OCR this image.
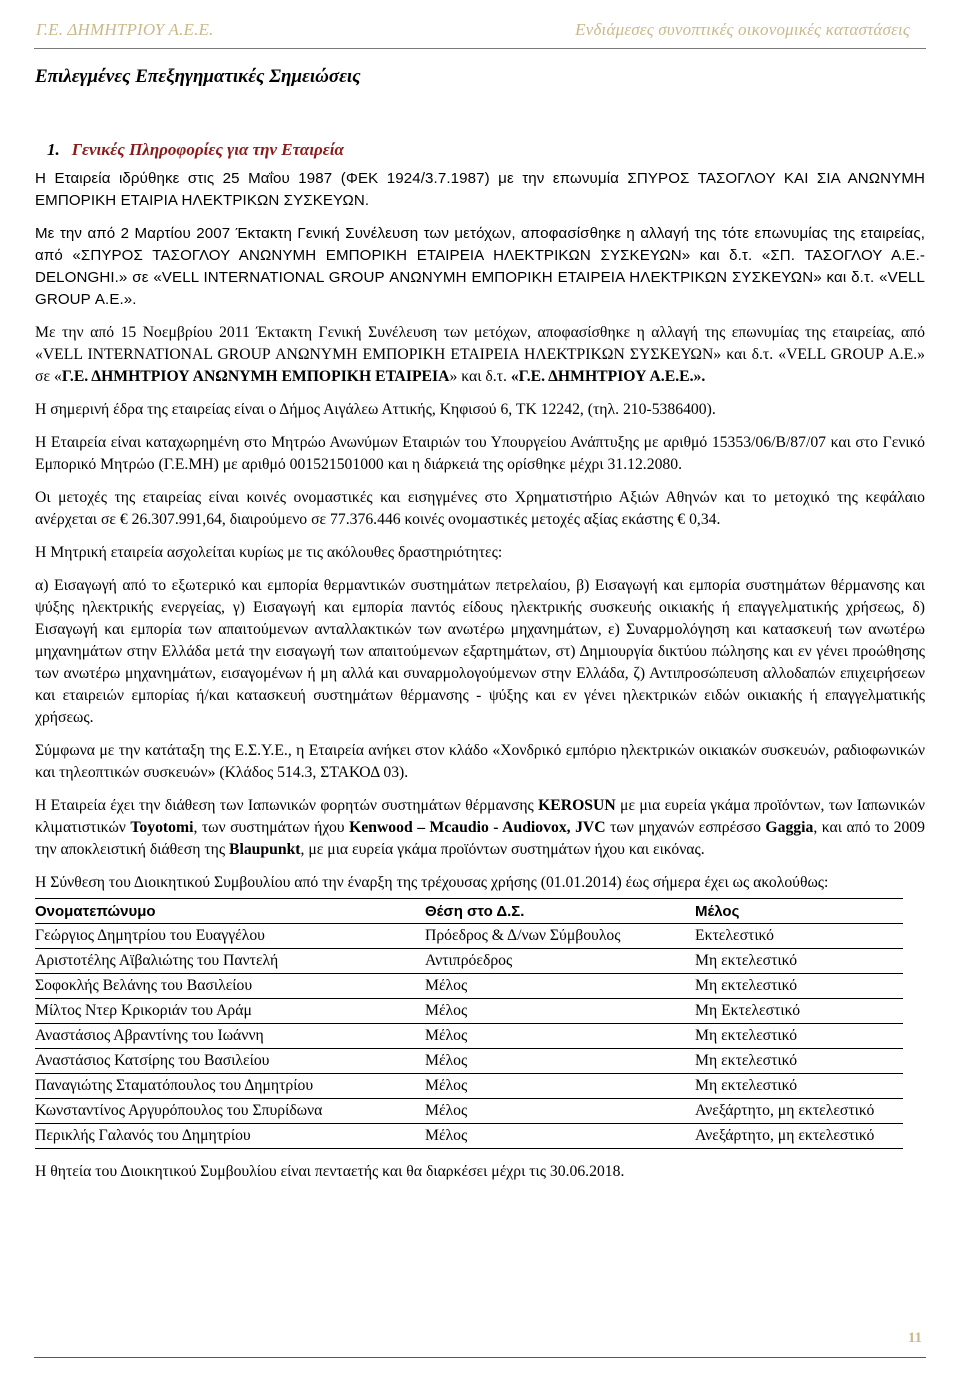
Γ.Ε. ΔΗΜΗΤΡΙΟΥ Α.Ε.Ε.	Ενδιάμεσες συνοπτικές οικονομικές καταστάσεις
Επιλεγμένες Επεξηγηματικές Σημειώσεις
1. Γενικές Πληροφορίες για την Εταιρεία

Η Εταιρεία ιδρύθηκε στις 25 Μαΐου 1987 (ΦΕΚ 1924/3.7.1987) με την επωνυμία ΣΠΥΡΟΣ ΤΑΣΟΓΛΟΥ ΚΑΙ ΣΙΑ ΑΝΩΝΥΜΗ ΕΜΠΟΡΙΚΗ ΕΤΑΙΡΙΑ ΗΛΕΚΤΡΙΚΩΝ ΣΥΣΚΕΥΩΝ.

Με την από 2 Μαρτίου 2007 Έκτακτη Γενική Συνέλευση των μετόχων, αποφασίσθηκε η αλλαγή της τότε επωνυμίας της εταιρείας, από «ΣΠΥΡΟΣ ΤΑΣΟΓΛΟΥ ΑΝΩΝΥΜΗ ΕΜΠΟΡΙΚΗ ΕΤΑΙΡΕΙΑ ΗΛΕΚΤΡΙΚΩΝ ΣΥΣΚΕΥΩΝ» και δ.τ. «ΣΠ. ΤΑΣΟΓΛΟΥ Α.Ε.- DELONGHI.» σε «VELL INTERNATIONAL GROUP ΑΝΩΝΥΜΗ ΕΜΠΟΡΙΚΗ ΕΤΑΙΡΕΙΑ ΗΛΕΚΤΡΙΚΩΝ ΣΥΣΚΕΥΩΝ» και δ.τ. «VELL GROUP Α.Ε.».

Με την από 15 Νοεμβρίου 2011 Έκτακτη Γενική Συνέλευση των μετόχων, αποφασίσθηκε η αλλαγή της επωνυμίας της εταιρείας, από «VELL INTERNATIONAL GROUP ΑΝΩΝΥΜΗ ΕΜΠΟΡΙΚΗ ΕΤΑΙΡΕΙΑ ΗΛΕΚΤΡΙΚΩΝ ΣΥΣΚΕΥΩΝ» και δ.τ. «VELL GROUP Α.Ε.» σε «Γ.Ε. ΔΗΜΗΤΡΙΟΥ ΑΝΩΝΥΜΗ ΕΜΠΟΡΙΚΗ ΕΤΑΙΡΕΙΑ» και δ.τ. «Γ.Ε. ΔΗΜΗΤΡΙΟΥ Α.Ε.Ε.».

Η σημερινή έδρα της εταιρείας είναι ο Δήμος Αιγάλεω Αττικής, Κηφισού 6, ΤΚ 12242, (τηλ. 210-5386400).

Η Εταιρεία είναι καταχωρημένη στο Μητρώο Ανωνύμων Εταιριών του Υπουργείου Ανάπτυξης με αριθμό 15353/06/Β/87/07 και στο Γενικό Εμπορικό Μητρώο (Γ.Ε.ΜΗ) με αριθμό 001521501000 και η διάρκειά της ορίσθηκε μέχρι 31.12.2080.

Οι μετοχές της εταιρείας είναι κοινές ονομαστικές και εισηγμένες στο Χρηματιστήριο Αξιών Αθηνών και το μετοχικό της κεφάλαιο ανέρχεται σε € 26.307.991,64, διαιρούμενο σε 77.376.446 κοινές ονομαστικές μετοχές αξίας εκάστης € 0,34.

Η Μητρική εταιρεία ασχολείται κυρίως με τις ακόλουθες δραστηριότητες:

α) Εισαγωγή από το εξωτερικό και εμπορία θερμαντικών συστημάτων πετρελαίου, β) Εισαγωγή και εμπορία συστημάτων θέρμανσης και ψύξης ηλεκτρικής ενεργείας, γ) Εισαγωγή και εμπορία παντός είδους ηλεκτρικής συσκευής οικιακής ή επαγγελματικής χρήσεως, δ) Εισαγωγή και εμπορία των απαιτούμενων ανταλλακτικών των ανωτέρω μηχανημάτων, ε) Συναρμολόγηση και κατασκευή των ανωτέρω μηχανημάτων στην Ελλάδα μετά την εισαγωγή των απαιτούμενων εξαρτημάτων, στ) Δημιουργία δικτύου πώλησης και εν γένει προώθησης των ανωτέρω μηχανημάτων, εισαγομένων ή μη αλλά και συναρμολογούμενων στην Ελλάδα, ζ) Αντιπροσώπευση αλλοδαπών επιχειρήσεων και εταιρειών εμπορίας ή/και κατασκευή συστημάτων θέρμανσης - ψύξης και εν γένει ηλεκτρικών ειδών οικιακής ή επαγγελματικής χρήσεως.

Σύμφωνα με την κατάταξη της Ε.Σ.Υ.Ε., η Εταιρεία ανήκει στον κλάδο «Χονδρικό εμπόριο ηλεκτρικών οικιακών συσκευών, ραδιοφωνικών και τηλεοπτικών συσκευών» (Κλάδος 514.3, ΣΤΑΚΟΔ 03).

Η Εταιρεία έχει την διάθεση των Ιαπωνικών φορητών συστημάτων θέρμανσης KEROSUN με μια ευρεία γκάμα προϊόντων, των Ιαπωνικών κλιματιστικών Toyotomi, των συστημάτων ήχου Kenwood – Mcaudio - Audiovox, JVC των μηχανών εσπρέσσο Gaggia, και από το 2009 την αποκλειστική διάθεση της Blaupunkt, με μια ευρεία γκάμα προϊόντων συστημάτων ήχου και εικόνας.

Η Σύνθεση του Διοικητικού Συμβουλίου από την έναρξη της τρέχουσας χρήσης (01.01.2014) έως σήμερα έχει ως ακολούθως:

Ονοματεπώνυμο	Θέση στο Δ.Σ.	Μέλος
Γεώργιος Δημητρίου του Ευαγγέλου	Πρόεδρος & Δ/νων Σύμβουλος	Εκτελεστικό
Αριστοτέλης Αϊβαλιώτης του Παντελή	Αντιπρόεδρος	Μη εκτελεστικό
Σοφοκλής Βελάνης του Βασιλείου	Μέλος	Μη εκτελεστικό
Μίλτος Ντερ Κρικοριάν του Αράμ	Μέλος	Μη Εκτελεστικό
Αναστάσιος Αβραντίνης του Ιωάννη	Μέλος	Μη εκτελεστικό
Αναστάσιος Κατσίρης του Βασιλείου	Μέλος	Μη εκτελεστικό
Παναγιώτης Σταματόπουλος του Δημητρίου	Μέλος	Μη εκτελεστικό
Κωνσταντίνος Αργυρόπουλος του Σπυρίδωνα	Μέλος	Ανεξάρτητο, μη εκτελεστικό
Περικλής Γαλανός του Δημητρίου	Μέλος	Ανεξάρτητο, μη εκτελεστικό

Η θητεία του Διοικητικού Συμβουλίου είναι πενταετής και θα διαρκέσει μέχρι τις 30.06.2018.

11
